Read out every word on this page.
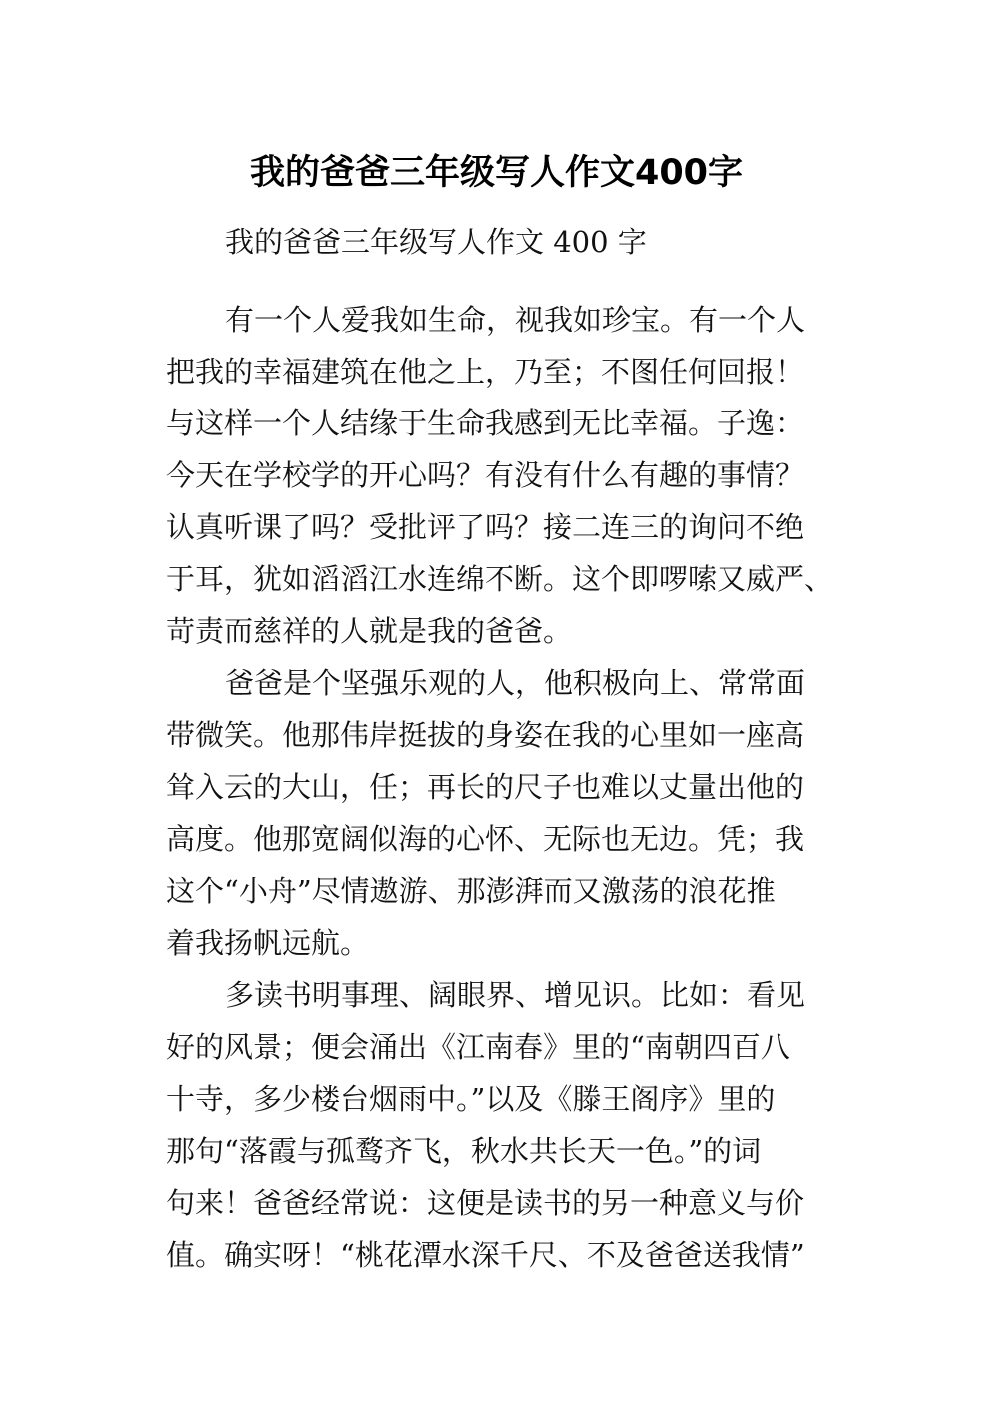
我的爸爸三年级写人作文400字
我的爸爸三年级写人作文 400 字
有一个人爱我如生命，视我如珍宝。有一个人
把我的幸福建筑在他之上，乃至；不图任何回报！
与这样一个人结缘于生命我感到无比幸福。子逸：
今天在学校学的开心吗？有没有什么有趣的事情？
认真听课了吗？受批评了吗？接二连三的询问不绝
于耳，犹如滔滔江水连绵不断。这个即啰嗦又威严、
苛责而慈祥的人就是我的爸爸。
爸爸是个坚强乐观的人，他积极向上、常常面
带微笑。他那伟岸挺拔的身姿在我的心里如一座高
耸入云的大山，任；再长的尺子也难以丈量出他的
高度。他那宽阔似海的心怀、无际也无边。凭；我
这个“小舟”尽情遨游、那澎湃而又激荡的浪花推
着我扬帆远航。
多读书明事理、阔眼界、增见识。比如：看见
好的风景；便会涌出《江南春》里的“南朝四百八
十寺，多少楼台烟雨中。”以及《滕王阁序》里的
那句“落霞与孤鹜齐飞，秋水共长天一色。”的词
句来！爸爸经常说：这便是读书的另一种意义与价
值。确实呀！“桃花潭水深千尺、不及爸爸送我情”
